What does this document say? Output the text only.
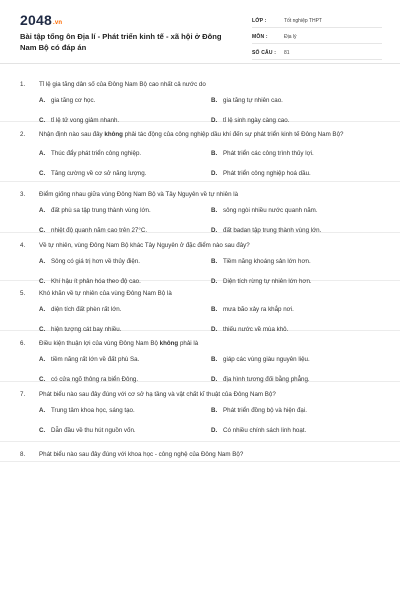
2048.vn
Bài tập tổng ôn Địa lí - Phát triển kinh tế - xã hội ở Đông Nam Bộ có đáp án
LỚP :	Tốt nghiệp THPT
MÔN :	Địa lý
SỐ CÂU :	81
1. Tỉ lệ gia tăng dân số của Đông Nam Bộ cao nhất cả nước do
A. gia tăng cơ học.	B. gia tăng tự nhiên cao.
C. tỉ lệ tử vong giảm nhanh.	D. tỉ lệ sinh ngày càng cao.
2. Nhận định nào sau đây không phải tác động của công nghiệp dầu khí đến sự phát triển kinh tế Đông Nam Bộ?
A. Thúc đẩy phát triển công nghiệp.	B. Phát triển các công trình thủy lợi.
C. Tăng cường về cơ sở năng lượng.	D. Phát triển công nghiệp hoá dầu.
3. Điểm giống nhau giữa vùng Đông Nam Bộ và Tây Nguyên về tự nhiên là
A. đất phù sa tập trung thành vùng lớn.	B. sông ngòi nhiều nước quanh năm.
C. nhiệt độ quanh năm cao trên 27°C.	D. đất badan tập trung thành vùng lớn.
4. Về tự nhiên, vùng Đông Nam Bộ khác Tây Nguyên ở đặc điểm nào sau đây?
A. Sông có giá trị hơn về thủy điện.	B. Tiềm năng khoáng sản lớn hơn.
C. Khí hậu ít phân hóa theo độ cao.	D. Diện tích rừng tự nhiên lớn hơn.
5. Khó khăn về tự nhiên của vùng Đông Nam Bộ là
A. diện tích đất phèn rất lớn.	B. mưa bão xảy ra khắp nơi.
C. hiện tượng cát bay nhiều.	D. thiếu nước về mùa khô.
6. Điều kiện thuận lợi của vùng Đông Nam Bộ không phải là
A. tiềm năng rất lớn về đất phù Sa.	B. giáp các vùng giàu nguyên liệu.
C. có cửa ngõ thông ra biển Đông.	D. địa hình tương đối bằng phẳng.
7. Phát biểu nào sau đây đúng với cơ sở hạ tầng và vật chất kĩ thuật của Đông Nam Bộ?
A. Trung tâm khoa học, sáng tạo.	B. Phát triển đồng bộ và hiện đại.
C. Dẫn đầu về thu hút nguồn vốn.	D. Có nhiều chính sách linh hoạt.
8. Phát biểu nào sau đây đúng với khoa học - công nghệ của Đông Nam Bộ?
